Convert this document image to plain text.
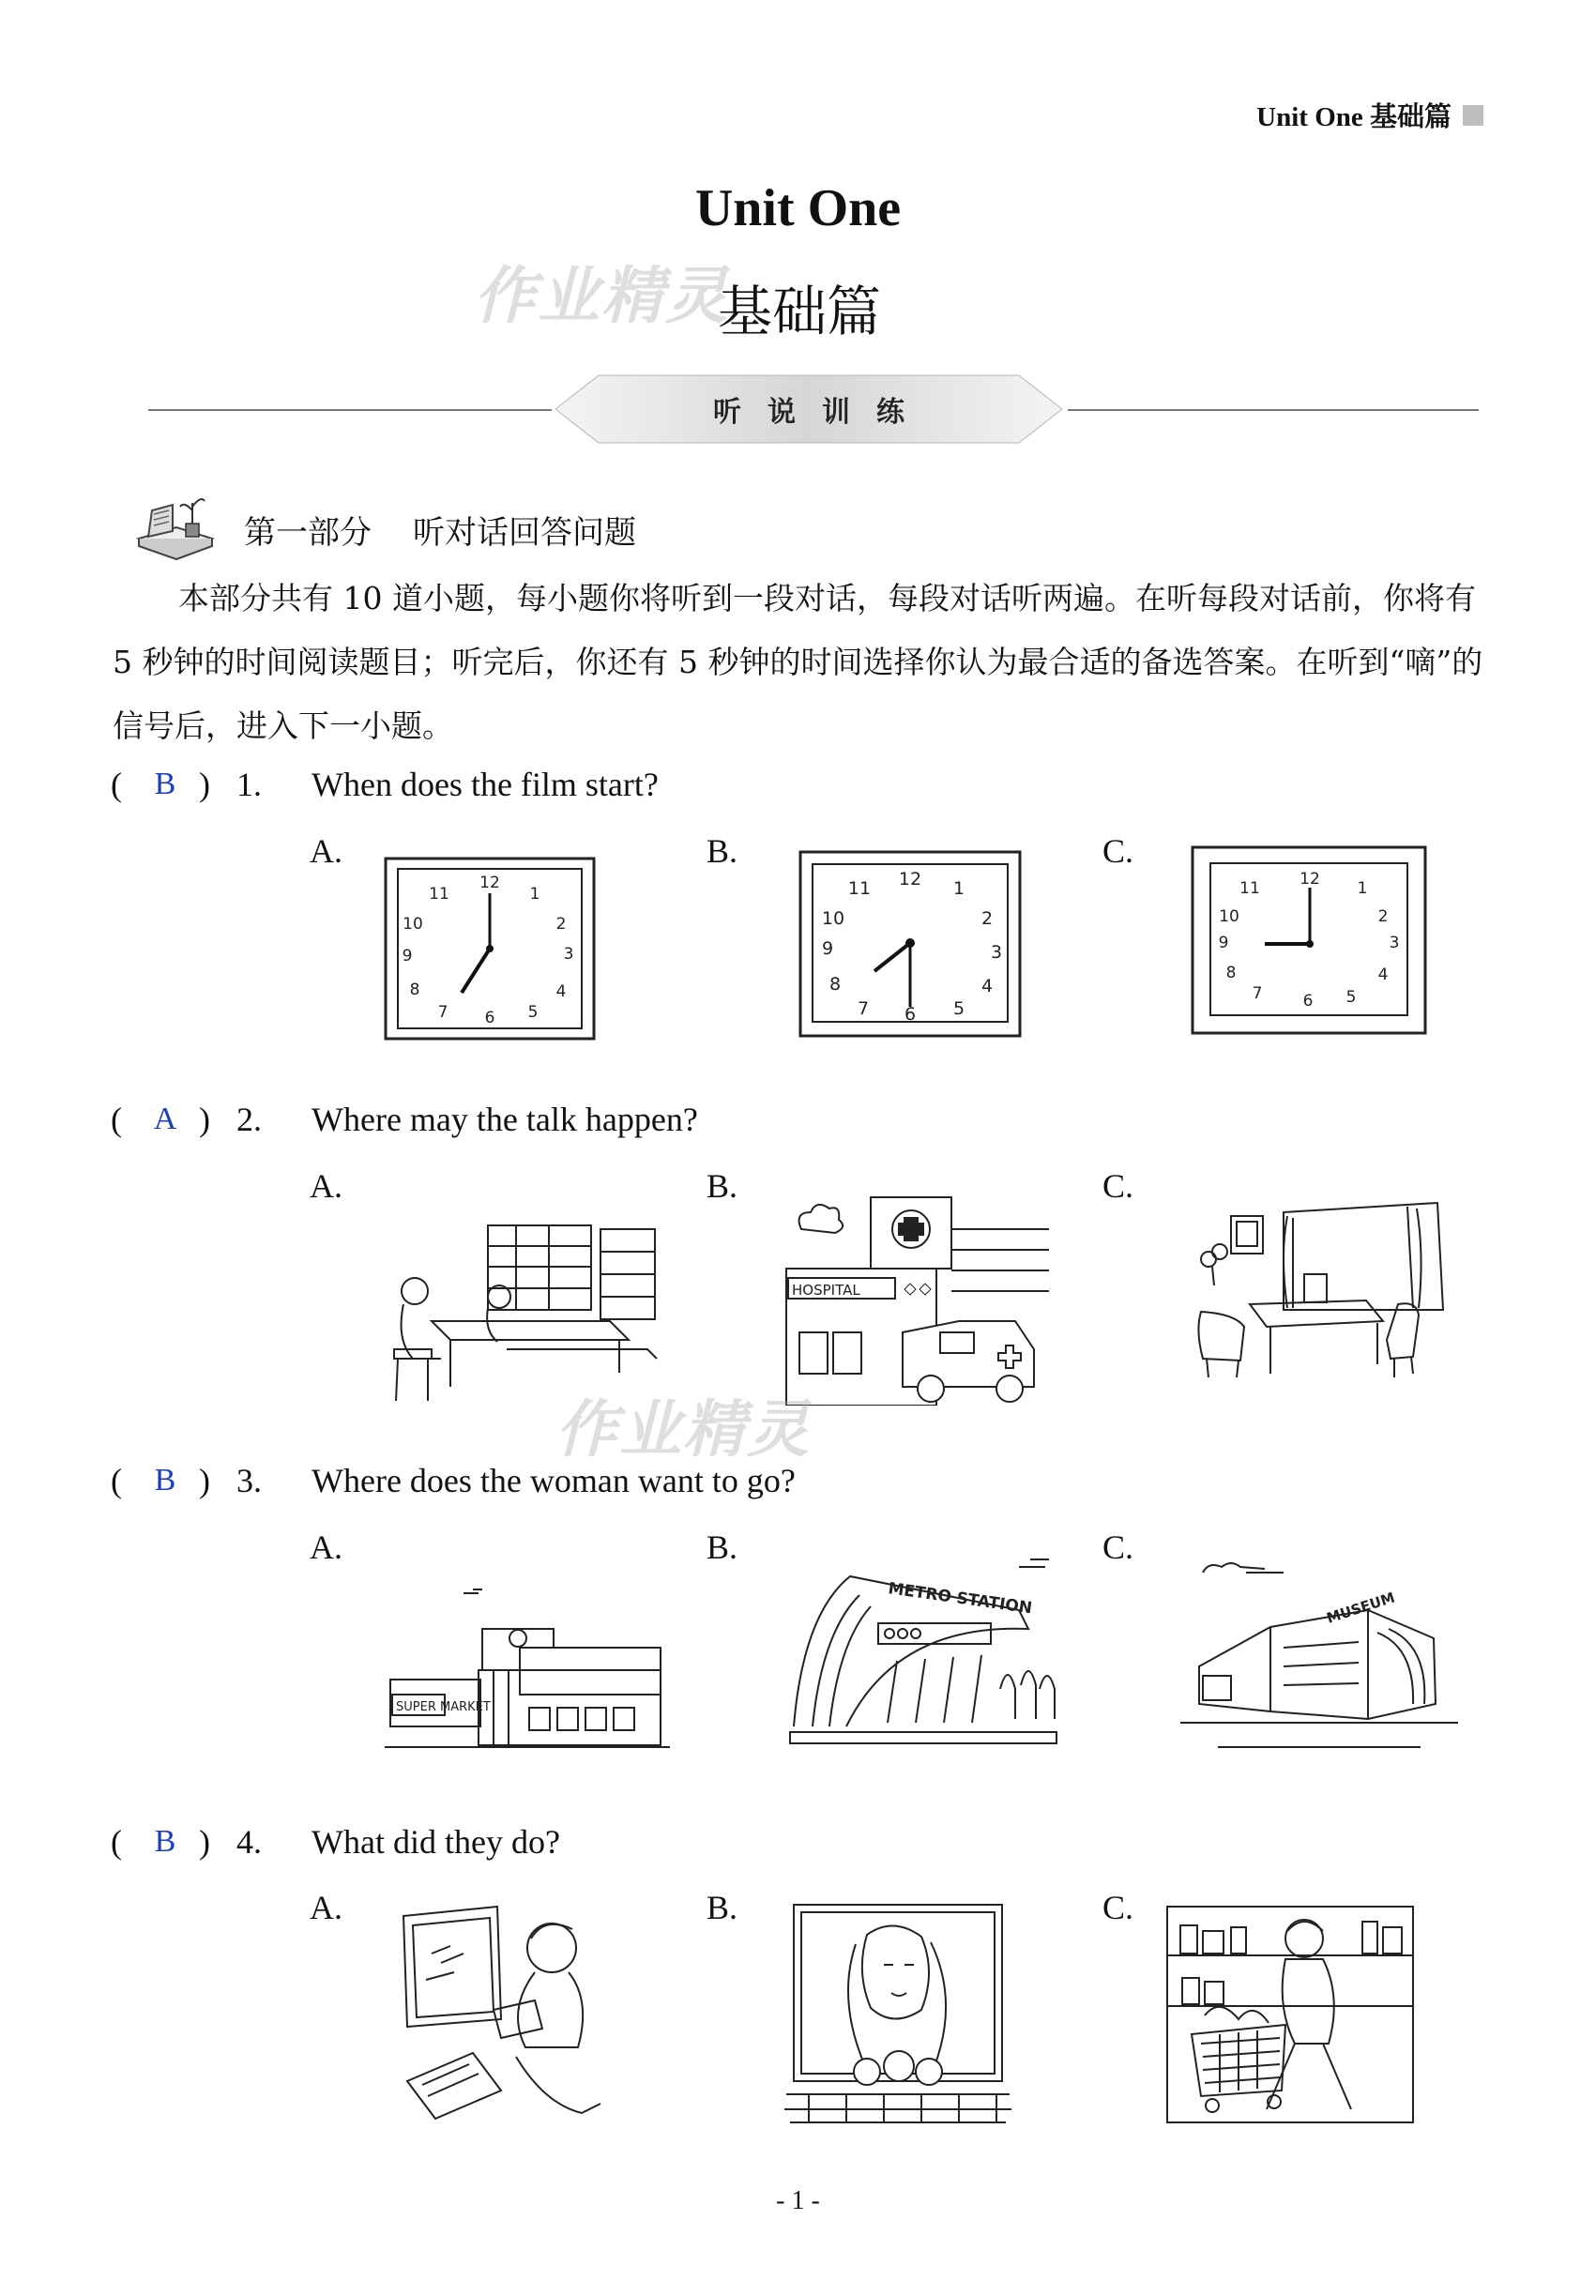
Unit One 基础篇
Unit One
作业精灵
基础篇
听说训练
第一部分 听对话回答问题

本部分共有 10 道小题，每小题你将听到一段对话，每段对话听两遍。在听每段对话前，你将有 5 秒钟的时间阅读题目；听完后，你还有 5 秒钟的时间选择你认为最合适的备选答案。在听到“嘀”的信号后，进入下一小题。

(	B ) 1.	When does the film start?
A.	B.	C.
12
1
2
3
4
5
6
7
8
9
10
11
12 1
2
3
4
5
6
7
8
9
10
11	12 1
2
3
4
5
6
7
8
9
10
11
( A ) 2.	Where may the talk happen?
A.	B.	C.
HOSPITAL
作业精灵
(	B ) 3.	Where does the woman want to go?
A.	B.	C.
SUPER MARKET
METRO STATION	MUSEUM
(	B ) 4.	What did they do?
A.	B.	C.
- 1 -
